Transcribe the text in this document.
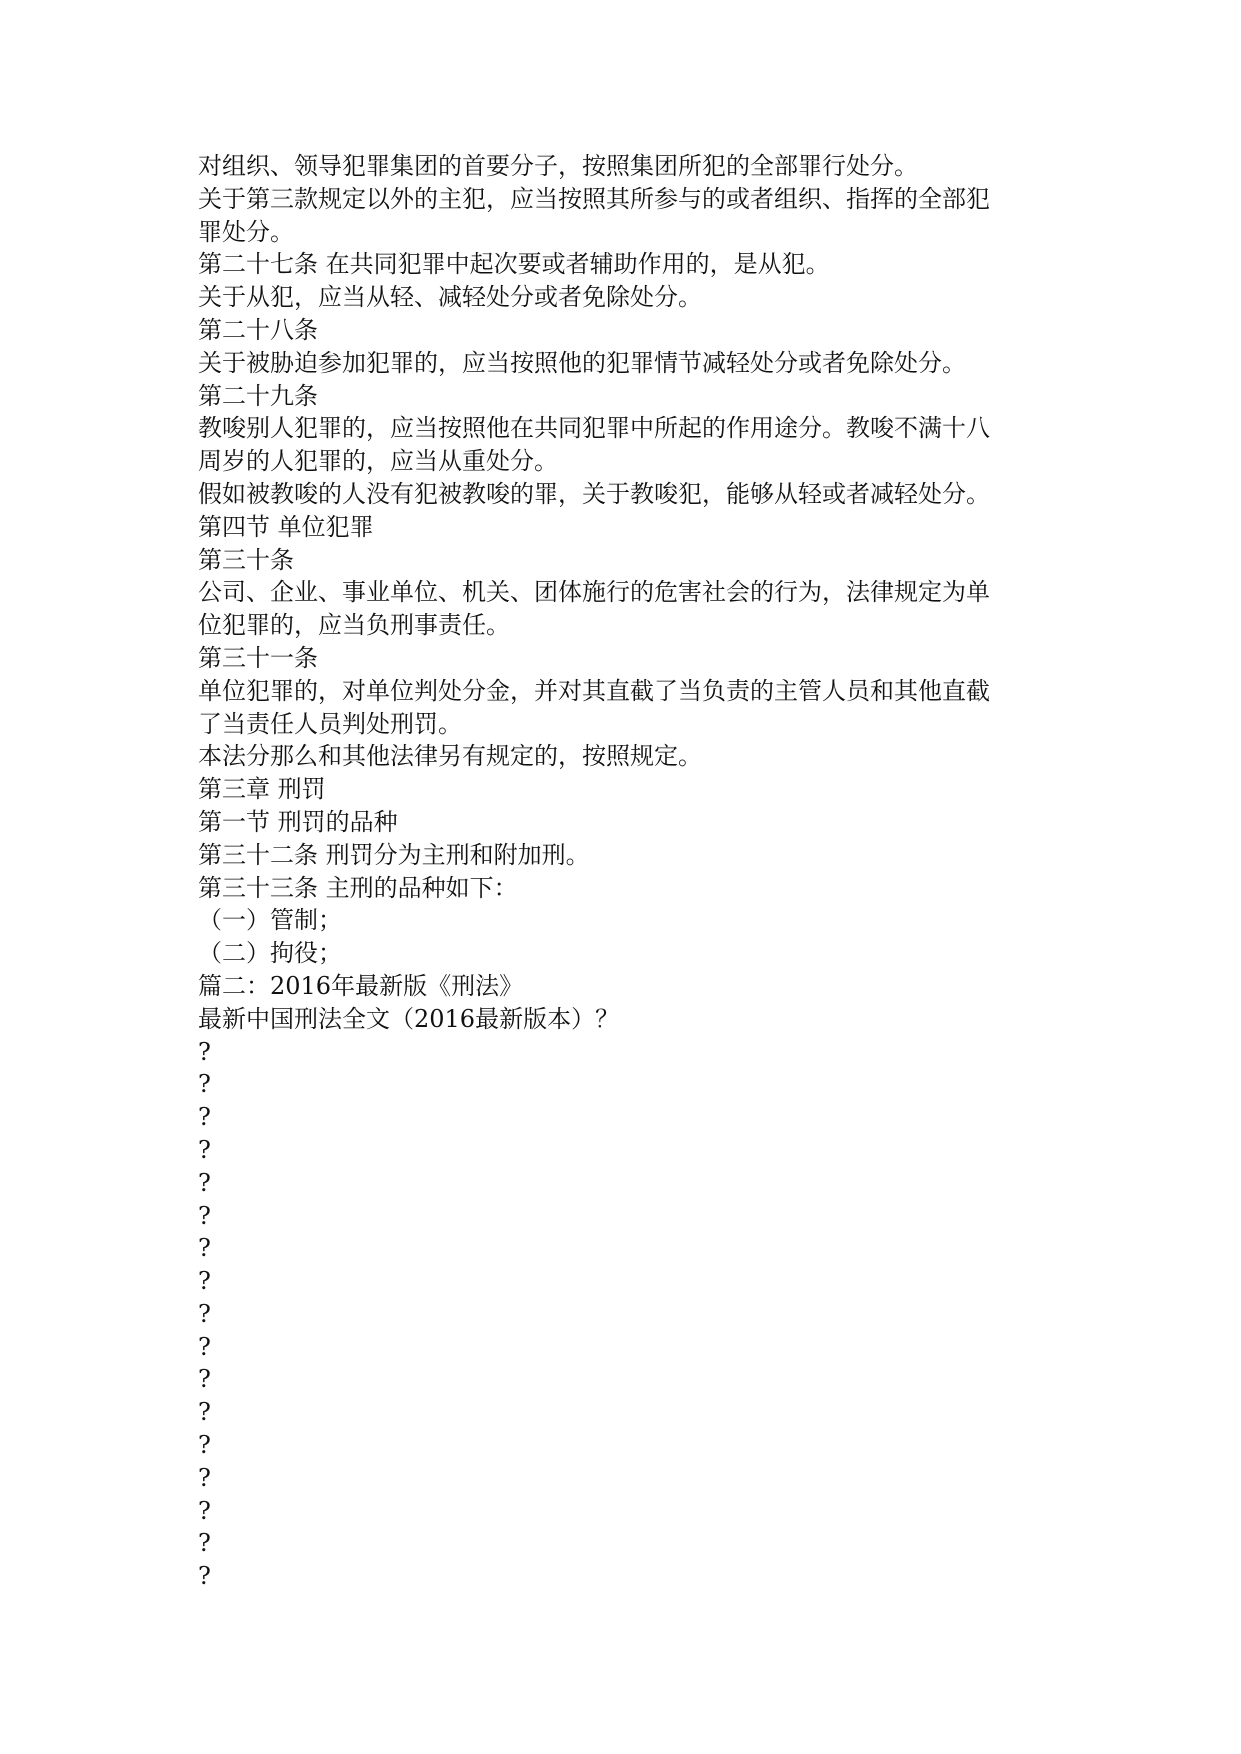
对组织、领导犯罪集团的首要分子，按照集团所犯的全部罪行处分。

关于第三款规定以外的主犯，应当按照其所参与的或者组织、指挥的全部犯

罪处分。

第二十七条 在共同犯罪中起次要或者辅助作用的，是从犯。

关于从犯，应当从轻、减轻处分或者免除处分。

第二十八条

关于被胁迫参加犯罪的，应当按照他的犯罪情节减轻处分或者免除处分。

第二十九条

教唆别人犯罪的，应当按照他在共同犯罪中所起的作用途分。教唆不满十八

周岁的人犯罪的，应当从重处分。

假如被教唆的人没有犯被教唆的罪，关于教唆犯，能够从轻或者减轻处分。

第四节 单位犯罪

第三十条

公司、企业、事业单位、机关、团体施行的危害社会的行为，法律规定为单

位犯罪的，应当负刑事责任。

第三十一条

单位犯罪的，对单位判处分金，并对其直截了当负责的主管人员和其他直截

了当责任人员判处刑罚。

本法分那么和其他法律另有规定的，按照规定。

第三章 刑罚

第一节 刑罚的品种

第三十二条 刑罚分为主刑和附加刑。

第三十三条 主刑的品种如下：

（一）管制；

（二）拘役；

篇二：2016年最新版《刑法》

最新中国刑法全文（2016最新版本）？

?

?

?

?

?

?

?

?

?

?

?

?

?

?

?

?

?
